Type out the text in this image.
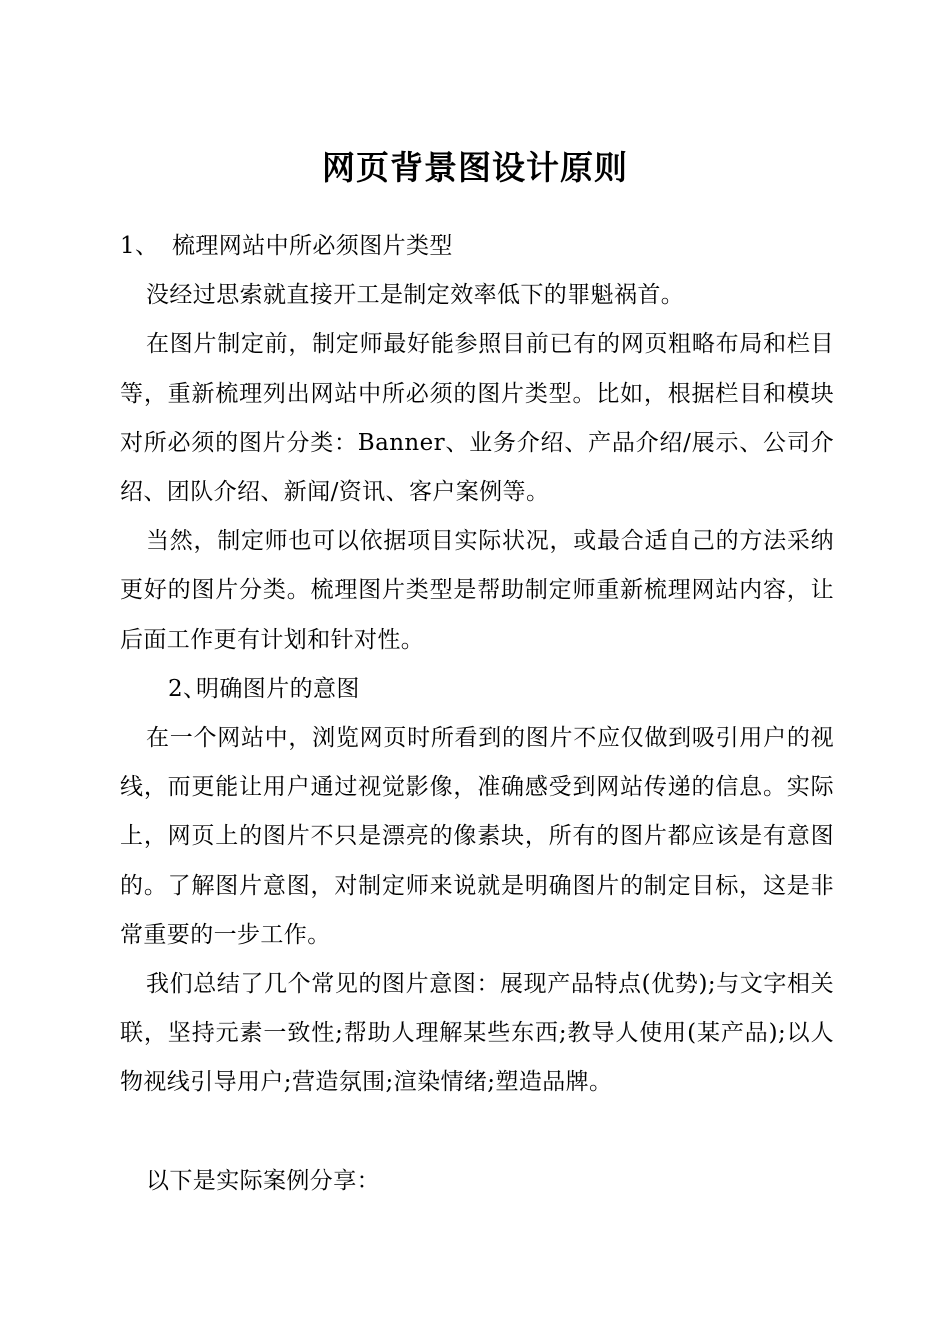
网页背景图设计原则

1、 梳理网站中所必须图片类型

没经过思索就直接开工是制定效率低下的罪魁祸首。

在图片制定前，制定师最好能参照目前已有的网页粗略布局和栏目等，重新梳理列出网站中所必须的图片类型。比如，根据栏目和模块对所必须的图片分类：Banner、业务介绍、产品介绍/展示、公司介绍、团队介绍、新闻/资讯、客户案例等。

当然，制定师也可以依据项目实际状况，或最合适自己的方法采纳更好的图片分类。梳理图片类型是帮助制定师重新梳理网站内容，让后面工作更有计划和针对性。

2、明确图片的意图

在一个网站中，浏览网页时所看到的图片不应仅做到吸引用户的视线，而更能让用户通过视觉影像，准确感受到网站传递的信息。实际上，网页上的图片不只是漂亮的像素块，所有的图片都应该是有意图的。了解图片意图，对制定师来说就是明确图片的制定目标，这是非常重要的一步工作。

我们总结了几个常见的图片意图：展现产品特点(优势);与文字相关联，坚持元素一致性;帮助人理解某些东西;教导人使用(某产品);以人物视线引导用户;营造氛围;渲染情绪;塑造品牌。

以下是实际案例分享：
